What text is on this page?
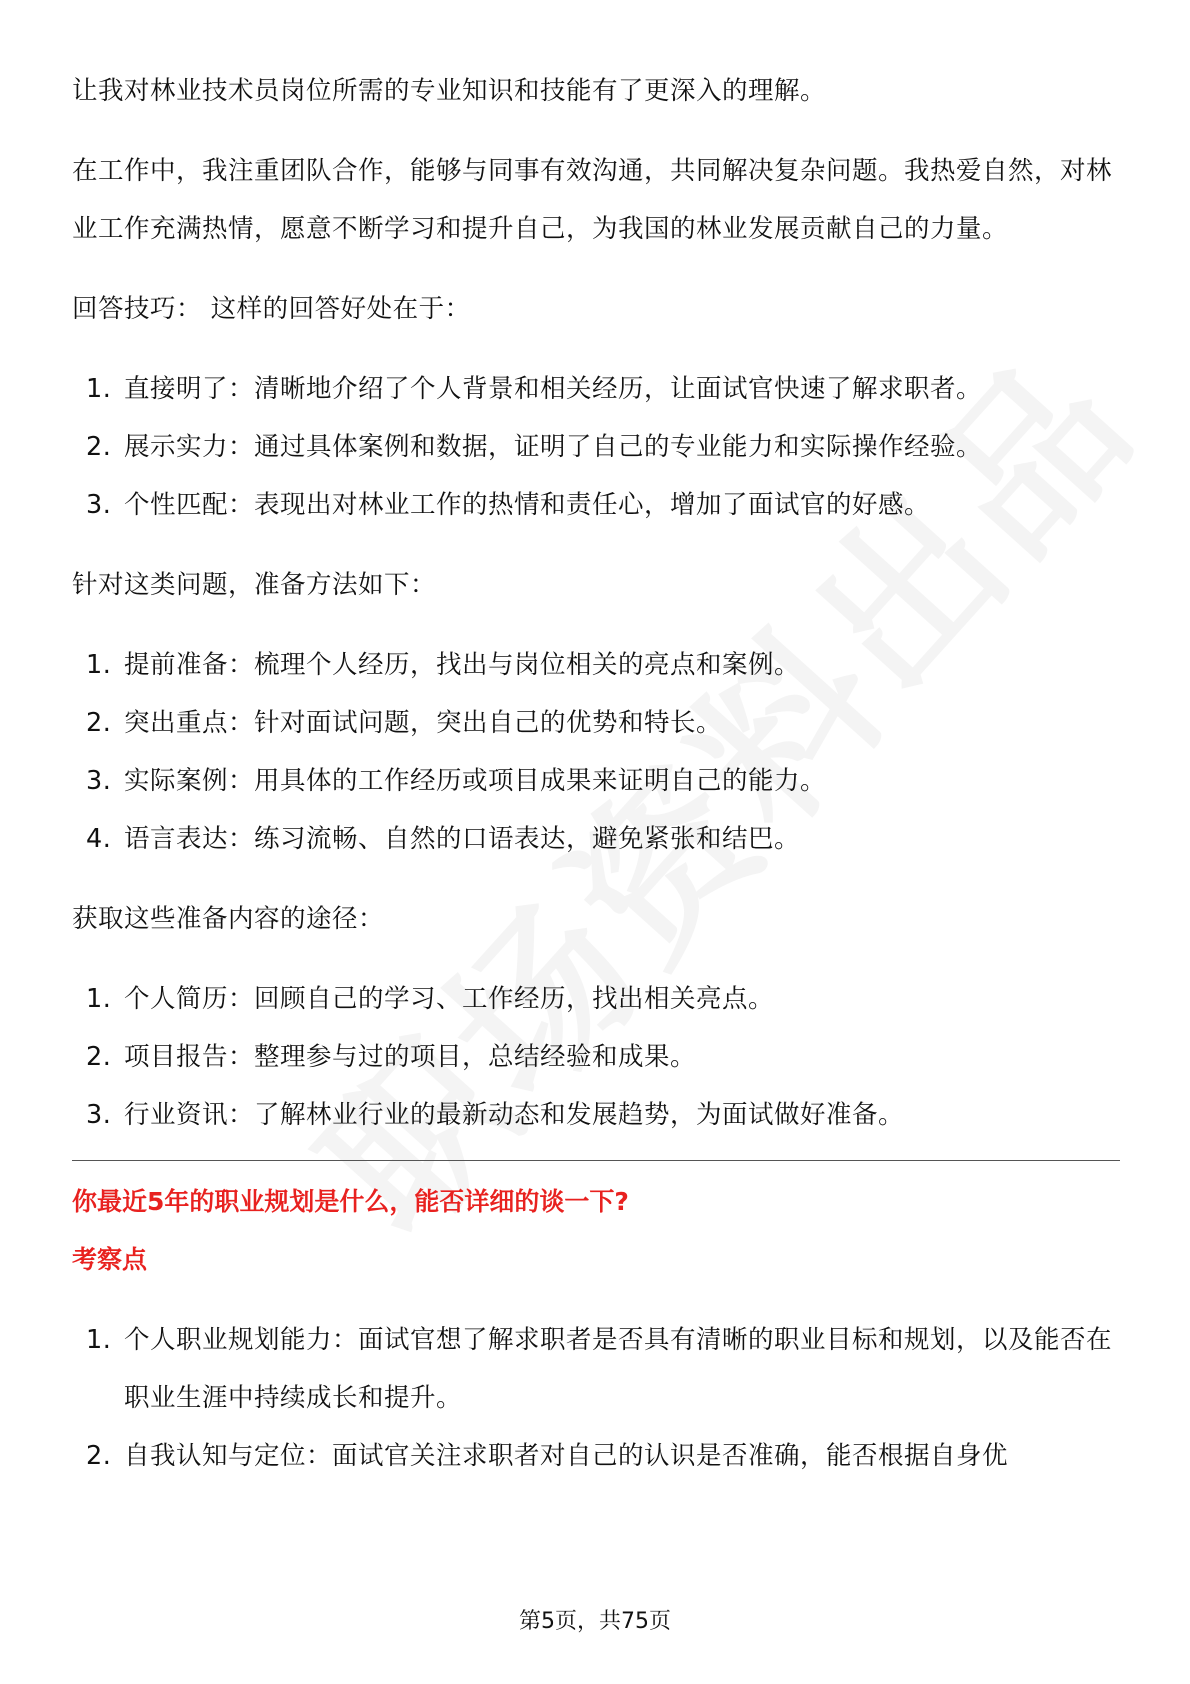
让我对林业技术员岗位所需的专业知识和技能有了更深入的理解。

在工作中，我注重团队合作，能够与同事有效沟通，共同解决复杂问题。我热爱自然，对林业工作充满热情，愿意不断学习和提升自己，为我国的林业发展贡献自己的力量。

回答技巧： 这样的回答好处在于：

1. 直接明了：清晰地介绍了个人背景和相关经历，让面试官快速了解求职者。
2. 展示实力：通过具体案例和数据，证明了自己的专业能力和实际操作经验。
3. 个性匹配：表现出对林业工作的热情和责任心，增加了面试官的好感。

针对这类问题，准备方法如下：

1. 提前准备：梳理个人经历，找出与岗位相关的亮点和案例。
2. 突出重点：针对面试问题，突出自己的优势和特长。
3. 实际案例：用具体的工作经历或项目成果来证明自己的能力。
4. 语言表达：练习流畅、自然的口语表达，避免紧张和结巴。

获取这些准备内容的途径：

1. 个人简历：回顾自己的学习、工作经历，找出相关亮点。
2. 项目报告：整理参与过的项目，总结经验和成果。
3. 行业资讯：了解林业行业的最新动态和发展趋势，为面试做好准备。

你最近5年的职业规划是什么，能否详细的谈一下?

考察点

1. 个人职业规划能力：面试官想了解求职者是否具有清晰的职业目标和规划，以及能否在职业生涯中持续成长和提升。
2. 自我认知与定位：面试官关注求职者对自己的认识是否准确，能否根据自身优
第5页，共75页
